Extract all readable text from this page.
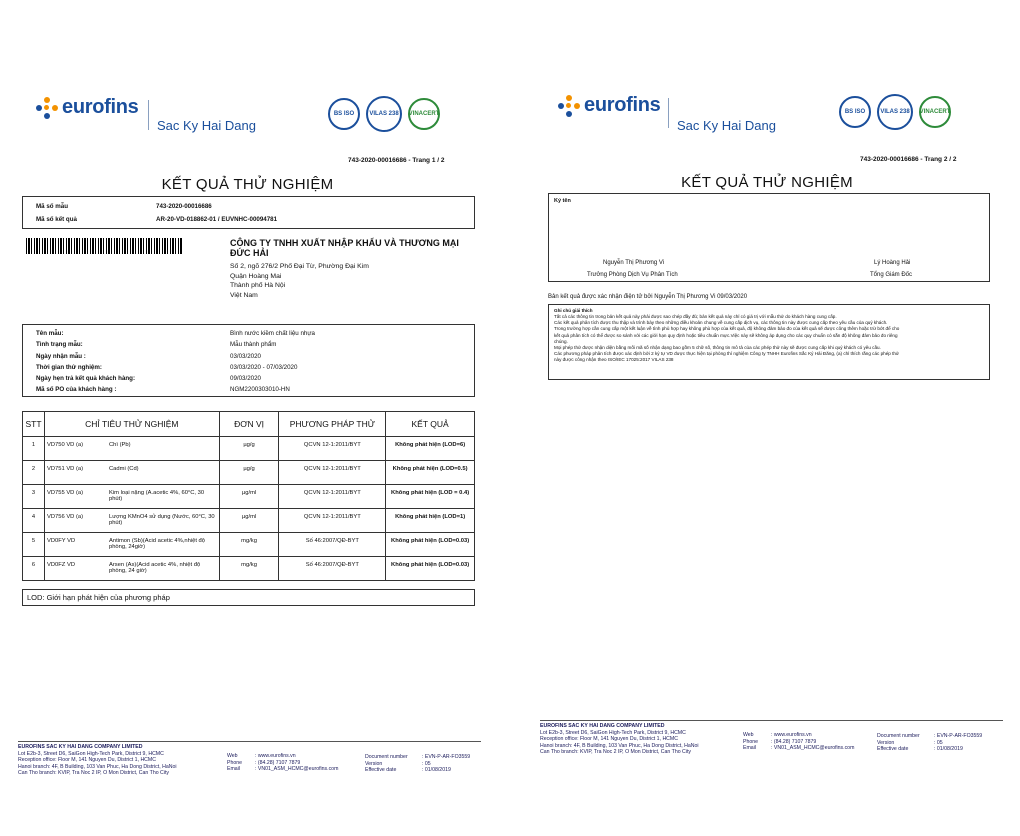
eurofins
Sac Ky Hai Dang
BS ISO	VILAS 238	VINACERT
743-2020-00016686 - Trang 1 / 2
KẾT QUẢ THỬ NGHIỆM
Mã số mẫu	743-2020-00016686
Mã số kết quả	AR-20-VD-018862-01 / EUVNHC-00094781
CÔNG TY TNHH XUẤT NHẬP KHẨU VÀ THƯƠNG MẠI
ĐỨC HẢI
Số 2, ngõ 276/2 Phố Đại Từ, Phường Đại Kim
Quận Hoàng Mai
Thành phố Hà Nội
Việt Nam
Tên mẫu:	Bình nước kiềm chất liệu nhựa
Tình trạng mẫu:	Mẫu thành phẩm
Ngày nhận mẫu :	03/03/2020
Thời gian thử nghiệm:	03/03/2020 - 07/03/2020
Ngày hẹn trả kết quả khách hàng:	09/03/2020
Mã số PO của khách hàng :	NGM2200303010-HN
STT	CHỈ TIÊU THỬ NGHIỆM	ĐƠN VỊ	PHƯƠNG PHÁP THỬ	KẾT QUẢ
1	VD750 VD (a) Chì (Pb)	µg/g	QCVN 12-1:2011/BYT	Không phát hiện (LOD=6)
2	VD751 VD (a) Cadmi (Cd)	µg/g	QCVN 12-1:2011/BYT	Không phát hiện (LOD=0.5)
3	VD755 VD (a) Kim loại nặng (A.acetic 4%, 60°C, 30 phút)	µg/ml	QCVN 12-1:2011/BYT	Không phát hiện (LOD = 0.4)
4	VD756 VD (a) Lượng KMnO4 sử dụng (Nước, 60°C, 30 phút)	µg/ml	QCVN 12-1:2011/BYT	Không phát hiện (LOD=1)
5	VD0FY VD Antimon (Sb)(Acid acetic 4%,nhiệt độ phòng, 24giờ)	mg/kg	Số 46:2007/QĐ-BYT	Không phát hiện (LOD=0.03)
6	VD0FZ VD Arsen (As)(Acid acetic 4%, nhiệt độ phòng, 24 giờ)	mg/kg	Số 46:2007/QĐ-BYT	Không phát hiện (LOD=0.03)
LOD: Giới hạn phát hiện của phương pháp
EUROFINS SAC KY HAI DANG COMPANY LIMITED
Lot E2b-3, Street D6, SaiGon High-Tech Park, District 9, HCMC
Reception office: Floor M, 141 Nguyen Du, District 1, HCMC
Hanoi branch: 4F, B Building, 103 Van Phuc, Ha Dong District, HaNoi
Can Tho branch: KVIP, Tra Noc 2 IP, O Mon District, Can Tho City
Web	: www.eurofins.vn
Phone : (84.28) 7107 7879
Email	: VN01_ASM_HCMC@eurofins.com
Document number	: EVN-P-AR-FO3559
Version	: 05
Effective date	: 01/08/2019
eurofins
Sac Ky Hai Dang
BS ISO	VILAS 238	VINACERT
743-2020-00016686 - Trang 2 / 2
KẾT QUẢ THỬ NGHIỆM
Ký tên
Nguyễn Thị Phương Vi
Trưởng Phòng Dịch Vụ Phân Tích
Lý Hoàng Hải
Tổng Giám Đốc
Bản kết quả được xác nhận điện tử bởi Nguyễn Thị Phương Vi 09/03/2020
Ghi chú giải thích
Tất cả các thông tin trong bản kết quả này phải được sao chép đầy đủ; bản kết quả này chỉ có giá trị với mẫu thử do khách hàng cung cấp.
Các kết quả phân tích được thu thập và trình bày theo những điều khoản chung về cung cấp dịch vụ, các thông tin này được cung cấp theo yêu cầu của quý khách.
Trong trường hợp cần cung cấp một kết luận về tình phù hợp hay không phù hợp của kết quả, độ không đảm bảo đo của kết quả sẽ được công thêm hoặc trừ bớt để cho
kết quả phân tích có thể được so sánh với các giới hạn quy định hoặc tiêu chuẩn mực.Việc này sẽ không áp dụng cho các quy chuẩn có sẵn độ không đảm bảo đo riêng
chúng.
Mọi phép thử được nhận diện bằng mối mã số nhận dạng bao gồm 5 chữ số, thông tin mô tả của các phép thử này sẽ được cung cấp khi quý khách có yêu cầu.
Các phương pháp phân tích được xác định bởi 2 ký tự VD được thực hiện tại phòng thí nghiệm Công ty TNHH Eurofins Sắc Ký Hải Đăng, (a) chỉ thích rằng các phép thử
này được công nhận theo ISO/IEC 17025:2017 VILAS 238
EUROFINS SAC KY HAI DANG COMPANY LIMITED
Lot E2b-3, Street D6, SaiGon High-Tech Park, District 9, HCMC
Reception office: Floor M, 141 Nguyen Du, District 1, HCMC
Hanoi branch: 4F, B Building, 103 Van Phuc, Ha Dong District, HaNoi
Can Tho branch: KVIP, Tra Noc 2 IP, O Mon District, Can Tho City
Web	: www.eurofins.vn
Phone : (84.28) 7107 7879
Email	: VN01_ASM_HCMC@eurofins.com
Document number	: EVN-P-AR-FO3559
Version	: 05
Effective date	: 01/08/2019
